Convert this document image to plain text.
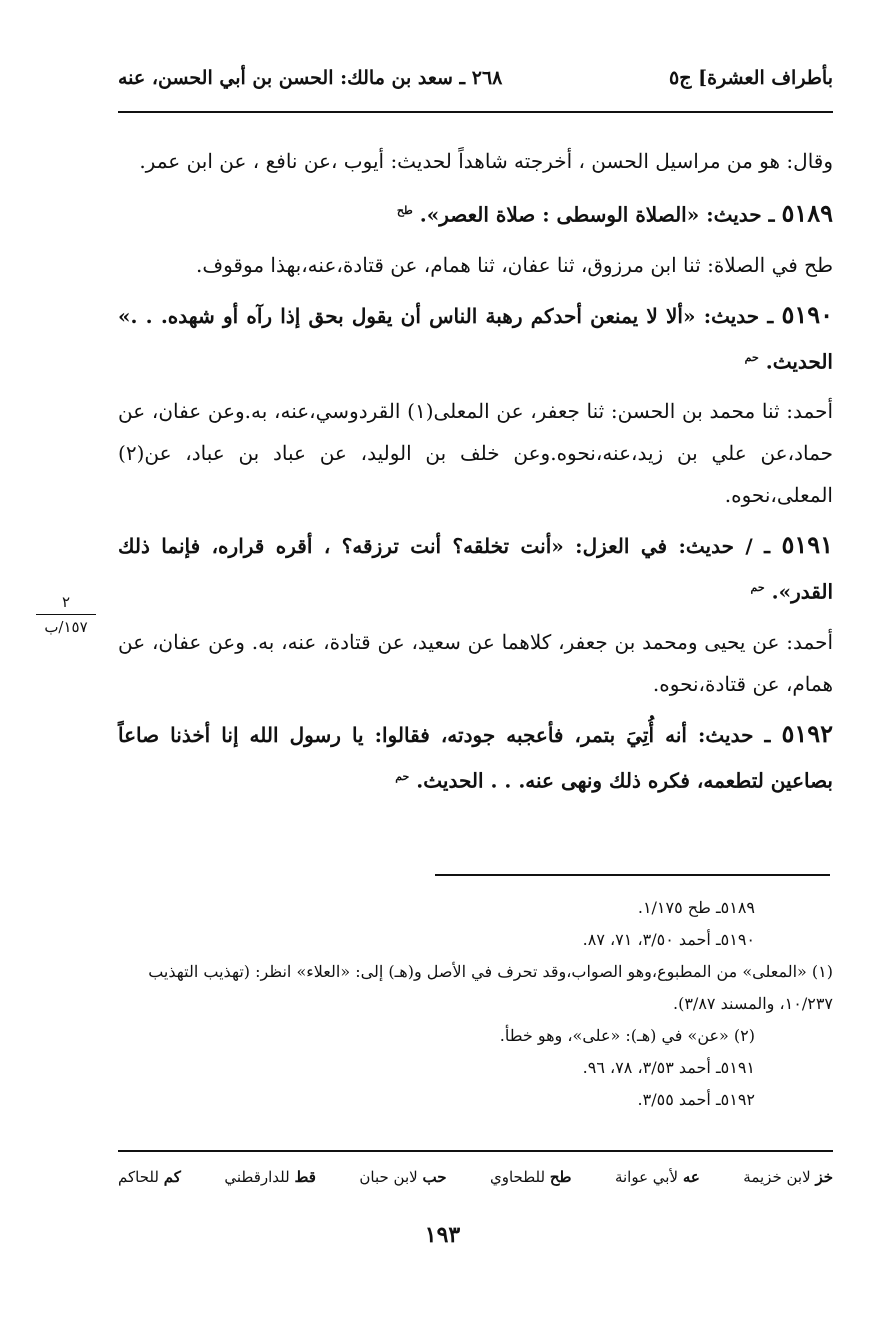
بأطراف العشرة] ج٥
٢٦٨ ـ سعد بن مالك: الحسن بن أبي الحسن، عنه

وقال: هو من مراسيل الحسن ، أخرجته شاهداً لحديث: أيوب ،عن نافع ، عن ابن عمر.

٥١٨٩ ـ حديث: «الصلاة الوسطى : صلاة العصر». $^{طح}$

طح في الصلاة: ثنا ابن مرزوق، ثنا عفان، ثنا همام، عن قتادة،عنه،بهذا موقوف.

٥١٩٠ ـ حديث: «ألا لا يمنعن أحدكم رهبة الناس أن يقول بحق إذا رآه أو شهده. . .» الحديث. $^{حم}$

أحمد: ثنا محمد بن الحسن: ثنا جعفر، عن المعلى(١) القردوسي،عنه، به.وعن عفان، عن حماد،عن علي بن زيد،عنه،نحوه.وعن خلف بن الوليد، عن عباد بن عباد، عن(٢) المعلى،نحوه.

٥١٩١ ـ / حديث: في العزل: «أنت تخلقه؟ أنت ترزقه؟ ، أقره قراره، فإنما ذلك القدر». $^{حم}$

أحمد: عن يحيى ومحمد بن جعفر، كلاهما عن سعيد، عن قتادة، عنه، به. وعن عفان، عن همام، عن قتادة،نحوه.

٥١٩٢ ـ حديث: أنه أُتِيَ بتمر، فأعجبه جودته، فقالوا: يا رسول الله إنا أخذنا صاعاً بصاعين لتطعمه، فكره ذلك ونهى عنه. . . الحديث. $^{حم}$

٢
١٥٧/ب
٥١٨٩ـ طح ١/١٧٥.
٥١٩٠ـ أحمد ٣/٥٠، ٧١، ٨٧.
(١) «المعلى» من المطبوع،وهو الصواب،وقد تحرف في الأصل و(هـ) إلى: «العلاء» انظر: (تهذيب التهذيب ١٠/٢٣٧، والمسند ٣/٨٧).
(٢) «عن» في (هـ): «على»، وهو خطأ.
٥١٩١ـ أحمد ٣/٥٣، ٧٨، ٩٦.
٥١٩٢ـ أحمد ٣/٥٥.
خز لابن خزيمة
عه لأبي عوانة
طح للطحاوي
حب لابن حبان
قط للدارقطني
كم للحاكم
١٩٣
